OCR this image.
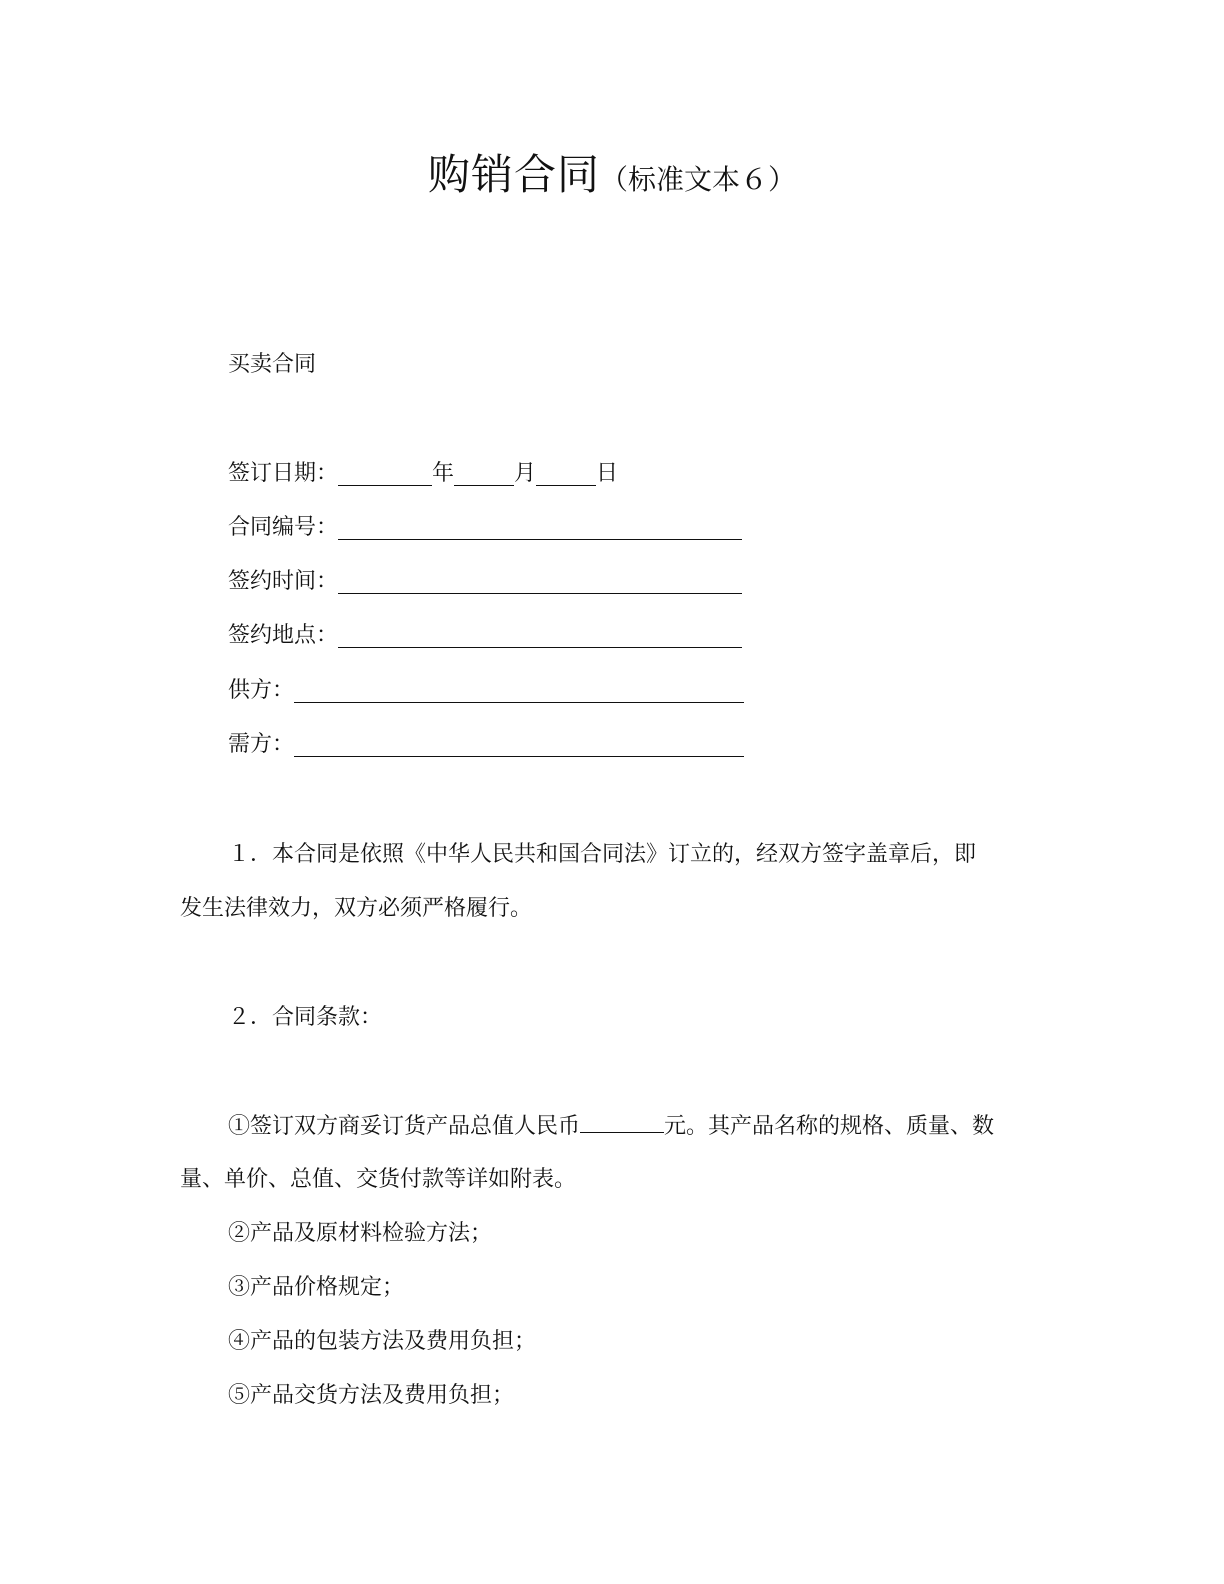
购销合同（标准文本６）
买卖合同
签订日期：	年	月	日
合同编号：
签约时间：
签约地点：
供方：
需方：
１．本合同是依照《中华人民共和国合同法》订立的，经双方签字盖章后，即
发生法律效力，双方必须严格履行。
２．合同条款：
①签订双方商妥订货产品总值人民币	元。其产品名称的规格、质量、数
量、单价、总值、交货付款等详如附表。
②产品及原材料检验方法；
③产品价格规定；
④产品的包装方法及费用负担；
⑤产品交货方法及费用负担；
